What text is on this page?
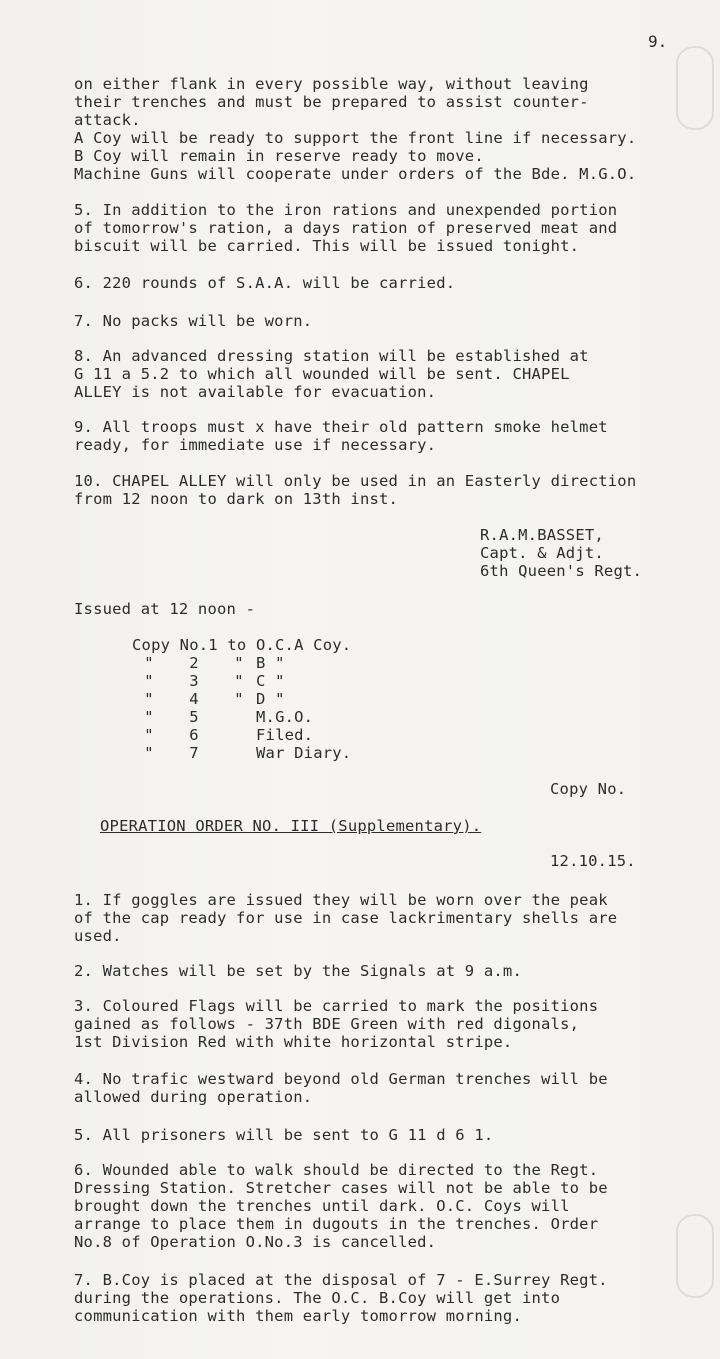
9.
on either flank in every possible way, without leaving
their trenches and must be prepared to assist counter-
attack.
A Coy will be ready to support the front line if necessary.
B Coy will remain in reserve ready to move.
Machine Guns will cooperate under orders of the Bde. M.G.O.
5. In addition to the iron rations and unexpended portion
of tomorrow's ration, a days ration of preserved meat and
biscuit will be carried. This will be issued tonight.
6. 220 rounds of S.A.A. will be carried.
7. No packs will be worn.
8. An advanced dressing station will be established at
G 11 a 5.2 to which all wounded will be sent. CHAPEL
ALLEY is not available for evacuation.
9. All troops must x have their old pattern smoke helmet
ready, for immediate use if necessary.
10. CHAPEL ALLEY will only be used in an Easterly direction
from 12 noon to dark on 13th inst.
R.A.M.BASSET,
Capt. & Adjt.
6th Queen's Regt.
Issued at 12 noon -
Copy No.1 to O.C.A Coy.
" 2 " B "
" 3 " C "
" 4 " D "
" 5	M.G.O.
" 6	Filed.
" 7	War Diary.
Copy No.
OPERATION ORDER NO. III (Supplementary).
12.10.15.
1. If goggles are issued they will be worn over the peak
of the cap ready for use in case lackrimentary shells are
used.
2. Watches will be set by the Signals at 9 a.m.
3. Coloured Flags will be carried to mark the positions
gained as follows - 37th BDE Green with red digonals,
1st Division Red with white horizontal stripe.
4. No trafic westward beyond old German trenches will be
allowed during operation.
5. All prisoners will be sent to G 11 d 6 1.
6. Wounded able to walk should be directed to the Regt.
Dressing Station. Stretcher cases will not be able to be
brought down the trenches until dark. O.C. Coys will
arrange to place them in dugouts in the trenches. Order
No.8 of Operation O.No.3 is cancelled.
7. B.Coy is placed at the disposal of 7 - E.Surrey Regt.
during the operations. The O.C. B.Coy will get into
communication with them early tomorrow morning.
